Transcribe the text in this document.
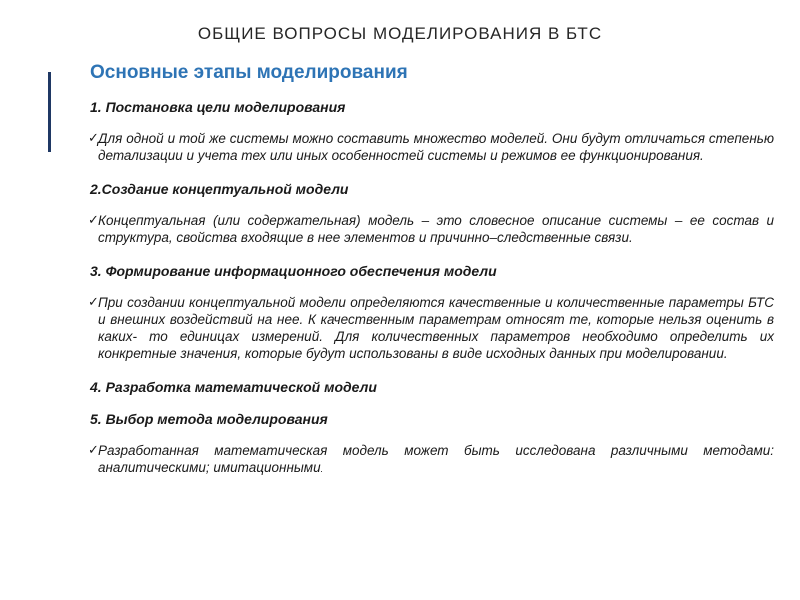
ОБЩИЕ ВОПРОСЫ МОДЕЛИРОВАНИЯ В БТС
Основные этапы моделирования
1. Постановка цели моделирования
✓ Для одной и той же системы можно составить множество моделей. Они будут отличаться степенью детализации и учета тех или иных особенностей системы и режимов ее функционирования.
2.Создание концептуальной модели
✓ Концептуальная (или содержательная) модель – это словесное описание системы – ее состав и структура, свойства входящие в нее элементов и причинно–следственные связи.
3. Формирование информационного обеспечения модели
✓ При создании концептуальной модели определяются качественные и количественные параметры БТС и внешних воздействий на нее. К качественным параметрам относят те, которые нельзя оценить в каких- то единицах измерений. Для количественных параметров необходимо определить их конкретные значения, которые будут использованы в виде исходных данных при моделировании.
4. Разработка математической модели
5. Выбор метода моделирования
✓ Разработанная математическая модель может быть исследована различными методами: аналитическими; имитационными.
